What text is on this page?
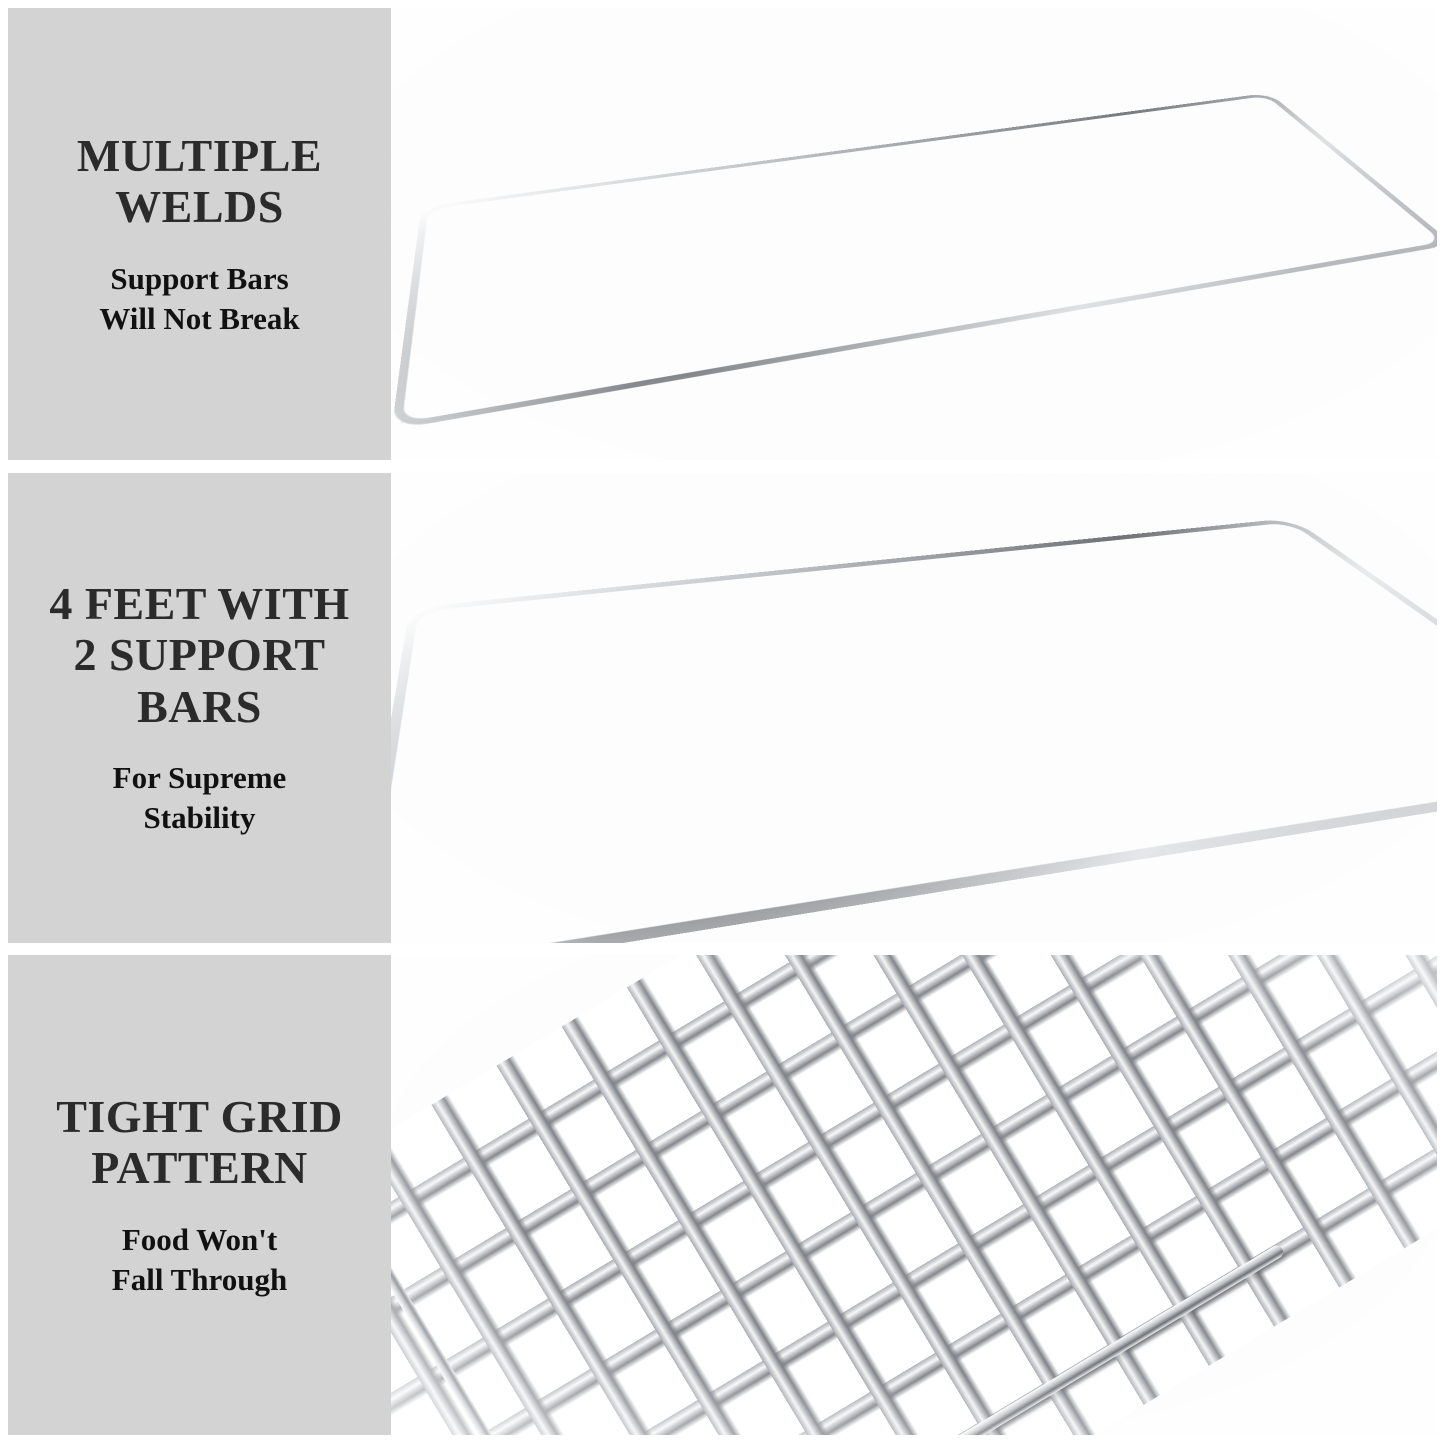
MULTIPLE WELDS
Support Bars
Will Not Break
4 FEET WITH
2 SUPPORT
BARS
For Supreme
Stability
TIGHT GRID
PATTERN
Food Won't
Fall Through
